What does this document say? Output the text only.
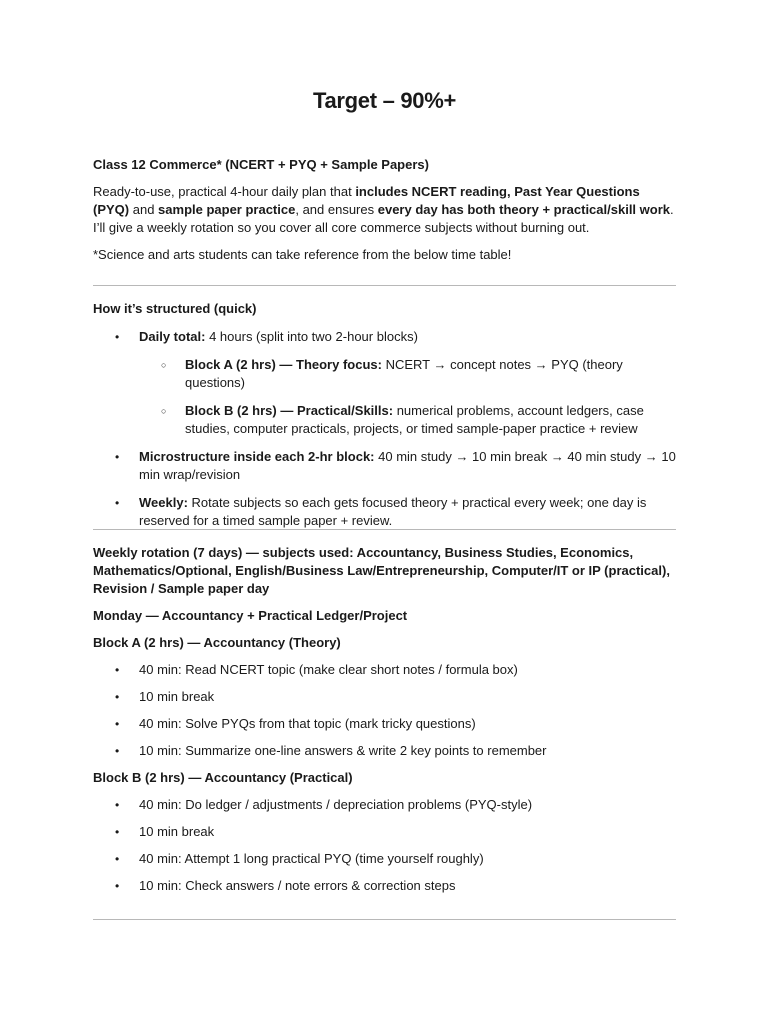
Target – 90%+

Class 12 Commerce* (NCERT + PYQ + Sample Papers)

Ready-to-use, practical 4-hour daily plan that includes NCERT reading, Past Year Questions (PYQ) and sample paper practice, and ensures every day has both theory + practical/skill work. I’ll give a weekly rotation so you cover all core commerce subjects without burning out.

*Science and arts students can take reference from the below time table!

How it’s structured (quick)

• Daily total: 4 hours (split into two 2-hour blocks)
○ Block A (2 hrs) — Theory focus: NCERT → concept notes → PYQ (theory questions)
○ Block B (2 hrs) — Practical/Skills: numerical problems, account ledgers, case studies, computer practicals, projects, or timed sample-paper practice + review
• Microstructure inside each 2-hr block: 40 min study → 10 min break → 40 min study → 10 min wrap/revision
• Weekly: Rotate subjects so each gets focused theory + practical every week; one day is reserved for a timed sample paper + review.

Weekly rotation (7 days) — subjects used: Accountancy, Business Studies, Economics, Mathematics/Optional, English/Business Law/Entrepreneurship, Computer/IT or IP (practical), Revision / Sample paper day

Monday — Accountancy + Practical Ledger/Project

Block A (2 hrs) — Accountancy (Theory)

• 40 min: Read NCERT topic (make clear short notes / formula box)
• 10 min break
• 40 min: Solve PYQs from that topic (mark tricky questions)
• 10 min: Summarize one-line answers & write 2 key points to remember

Block B (2 hrs) — Accountancy (Practical)

• 40 min: Do ledger / adjustments / depreciation problems (PYQ-style)
• 10 min break
• 40 min: Attempt 1 long practical PYQ (time yourself roughly)
• 10 min: Check answers / note errors & correction steps
